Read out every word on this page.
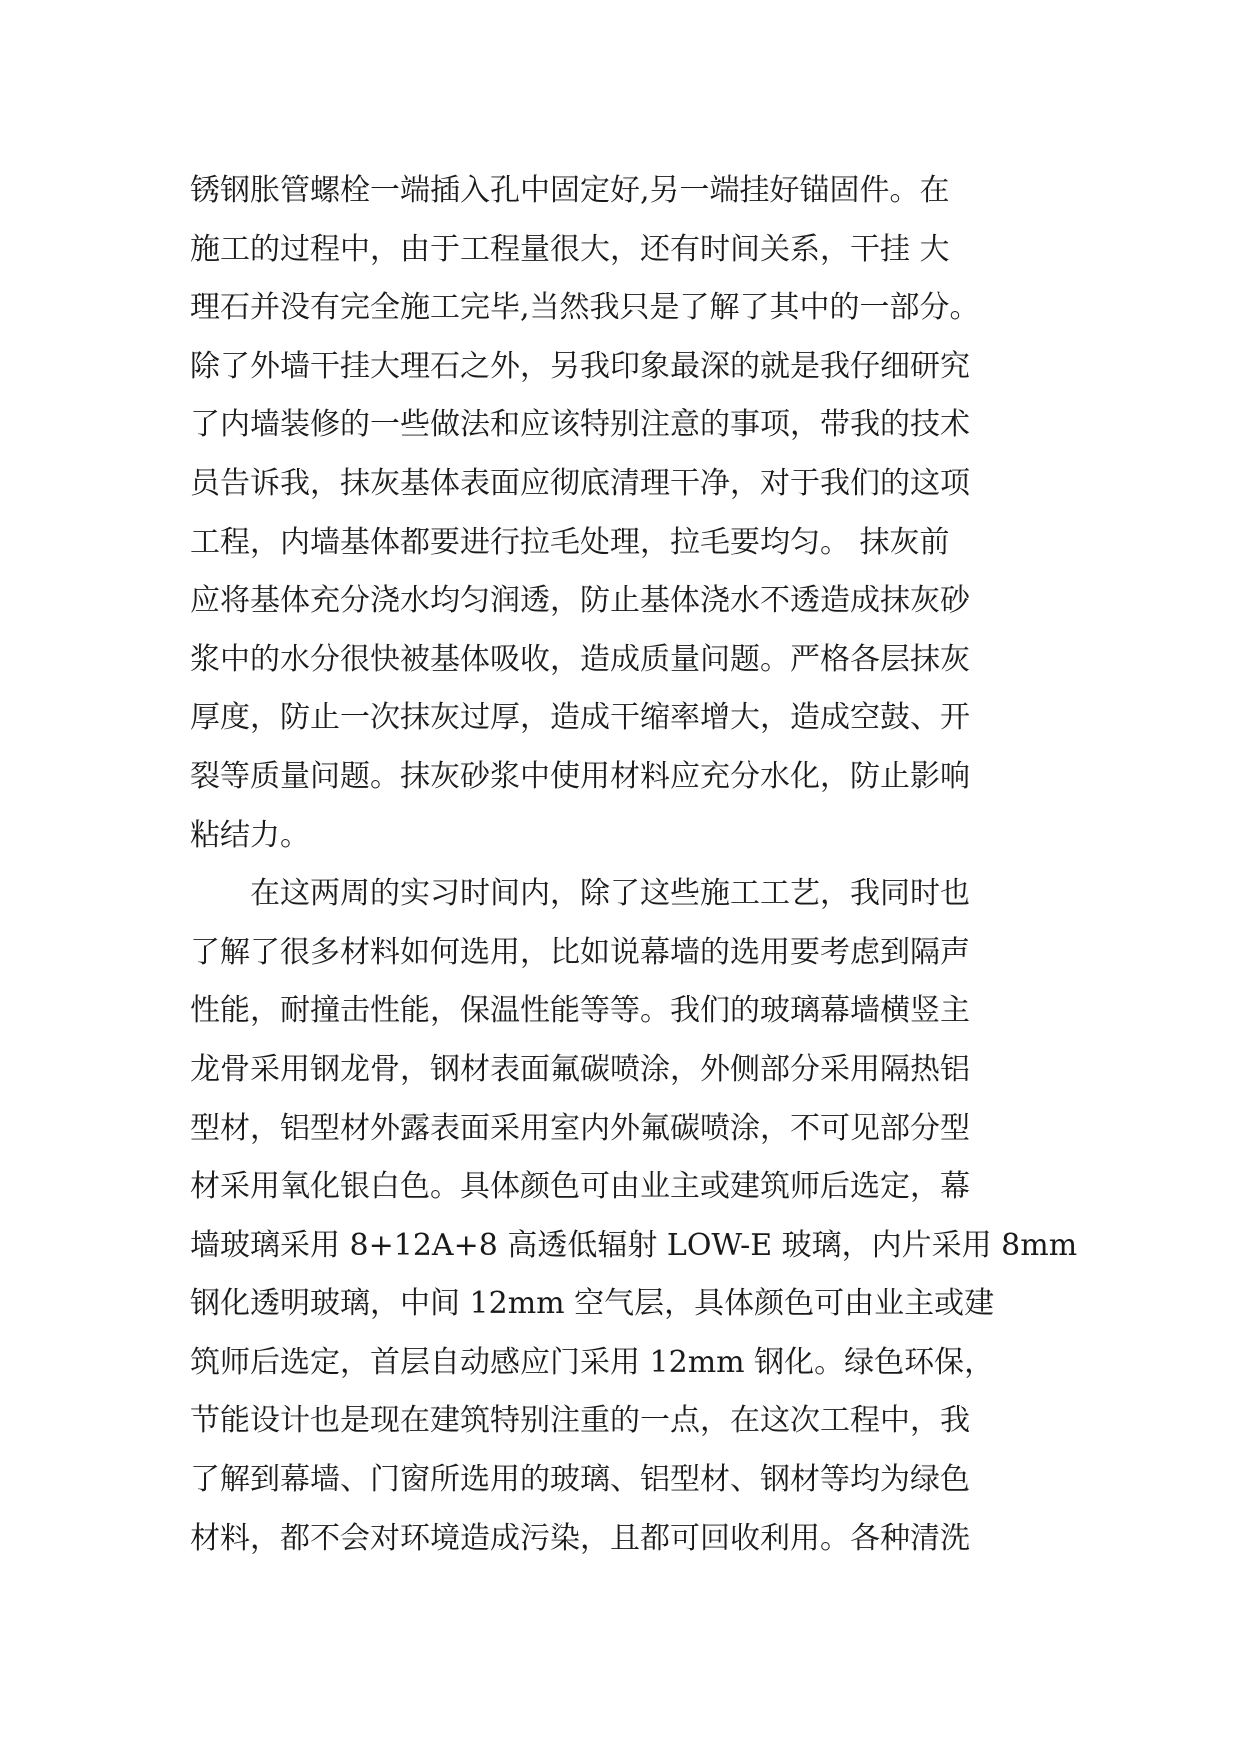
锈钢胀管螺栓一端插入孔中固定好,另一端挂好锚固件。在
施工的过程中，由于工程量很大，还有时间关系，干挂 大
理石并没有完全施工完毕,当然我只是了解了其中的一部分。
除了外墙干挂大理石之外，另我印象最深的就是我仔细研究
了内墙装修的一些做法和应该特别注意的事项，带我的技术
员告诉我，抹灰基体表面应彻底清理干净，对于我们的这项
工程，内墙基体都要进行拉毛处理，拉毛要均匀。 抹灰前
应将基体充分浇水均匀润透，防止基体浇水不透造成抹灰砂
浆中的水分很快被基体吸收，造成质量问题。严格各层抹灰
厚度，防止一次抹灰过厚，造成干缩率增大，造成空鼓、开
裂等质量问题。抹灰砂浆中使用材料应充分水化，防止影响
粘结力。
　　在这两周的实习时间内，除了这些施工工艺，我同时也
了解了很多材料如何选用，比如说幕墙的选用要考虑到隔声
性能，耐撞击性能，保温性能等等。我们的玻璃幕墙横竖主
龙骨采用钢龙骨，钢材表面氟碳喷涂，外侧部分采用隔热铝
型材，铝型材外露表面采用室内外氟碳喷涂，不可见部分型
材采用氧化银白色。具体颜色可由业主或建筑师后选定，幕
墙玻璃采用 8+12A+8 高透低辐射 LOW-E 玻璃，内片采用 8mm
钢化透明玻璃，中间 12mm 空气层，具体颜色可由业主或建
筑师后选定，首层自动感应门采用 12mm 钢化。绿色环保，
节能设计也是现在建筑特别注重的一点，在这次工程中，我
了解到幕墙、门窗所选用的玻璃、铝型材、钢材等均为绿色
材料，都不会对环境造成污染，且都可回收利用。各种清洗
